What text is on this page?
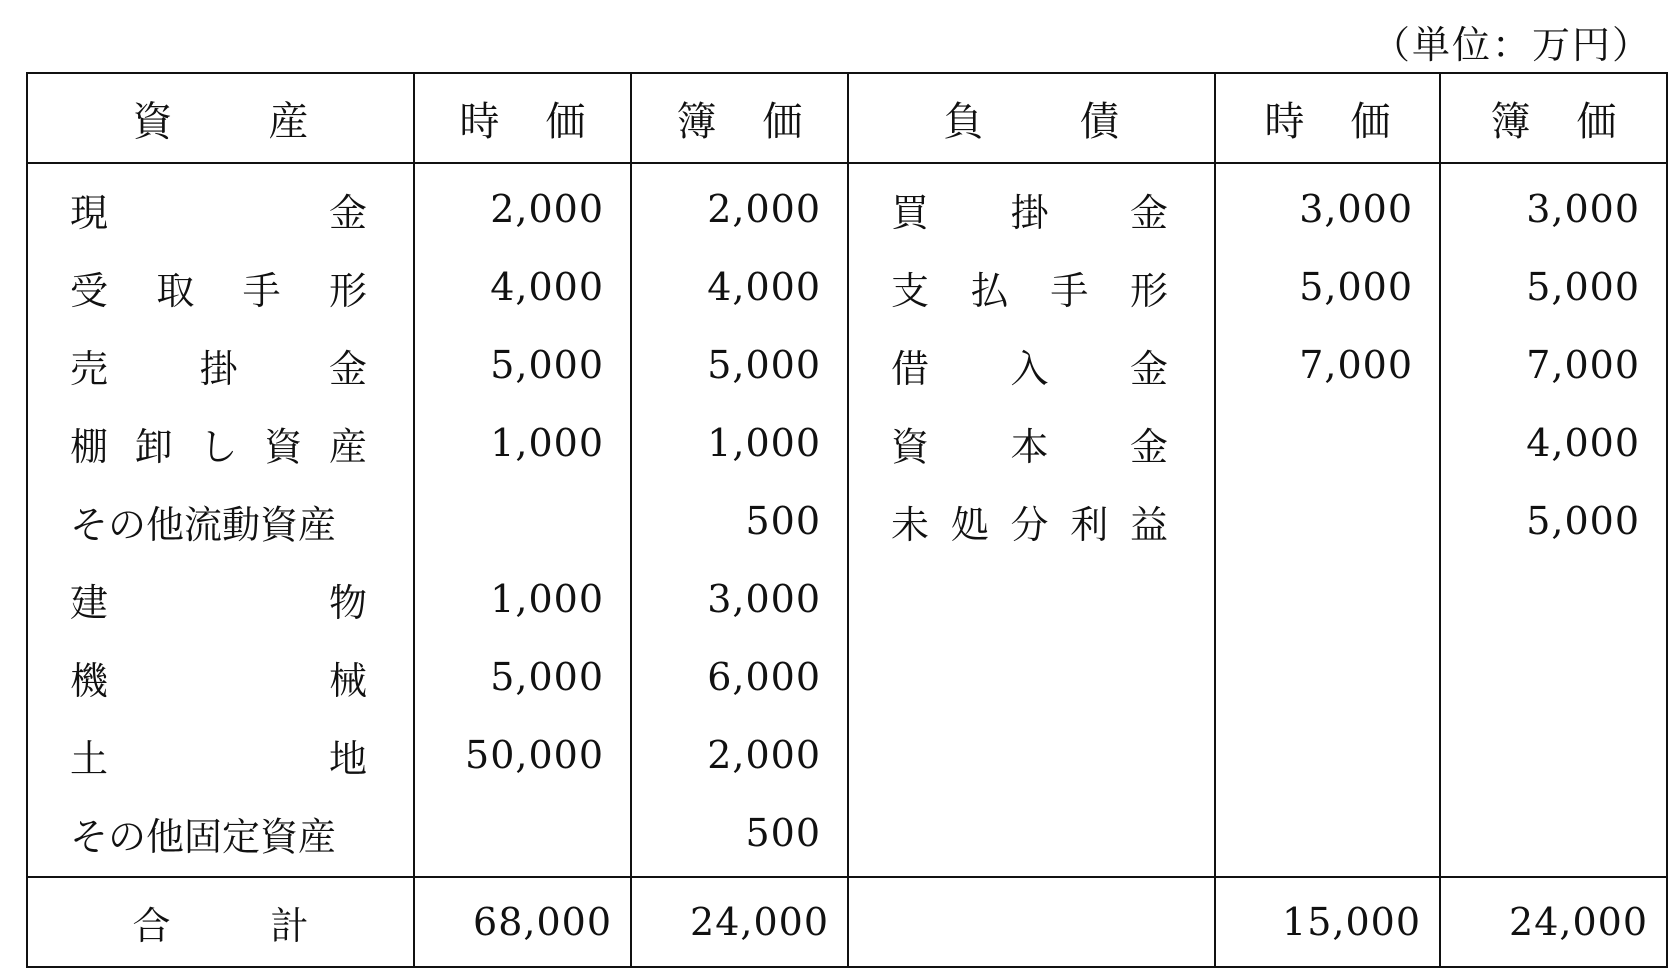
（単位：万円）
資 産	時 価	簿 価	負 債	時 価	簿 価

現 金	2,000	2,000	買 掛 金	3,000	3,000

受 取 手 形	4,000	4,000	支 払 手 形	5,000	5,000

売 掛 金	5,000	5,000	借 入 金	7,000	7,000

棚 卸 し 資 産	1,000	1,000	資 本 金		4,000
その他流動資産		500	未 処 分 利 益		5,000

建 物	1,000	3,000			

機 械	5,000	6,000			

土 地	50,000	2,000			
その他固定資産		500			

合 計	68,000	24,000		15,000	24,000
